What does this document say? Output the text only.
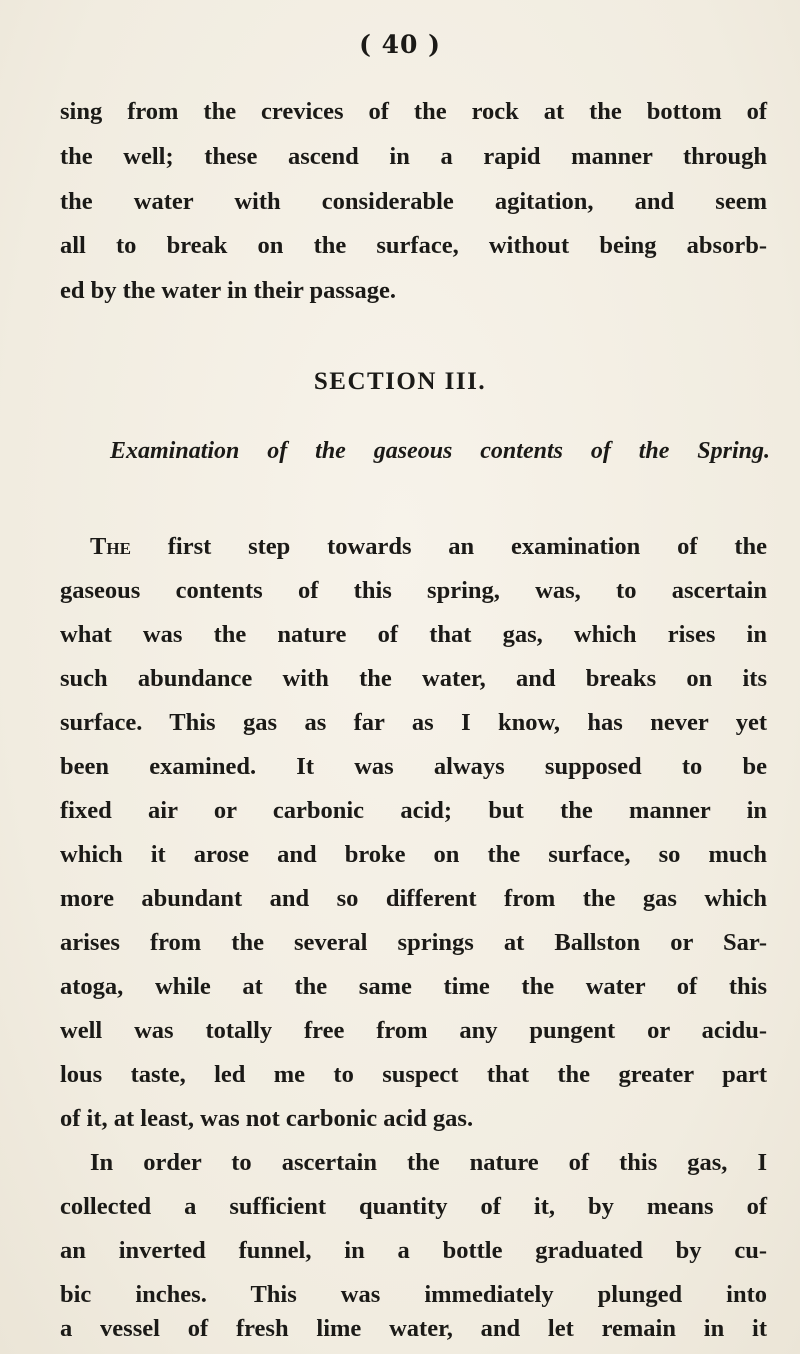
( 40 )
sing from the crevices of the rock at the bottom of
the well; these ascend in a rapid manner through
the water with considerable agitation, and seem
all to break on the surface, without being absorb-
ed by the water in their passage.
SECTION III.
Examination of the gaseous contents of the Spring.
The first step towards an examination of the
gaseous contents of this spring, was, to ascertain
what was the nature of that gas, which rises in
such abundance with the water, and breaks on its
surface. This gas as far as I know, has never yet
been examined. It was always supposed to be
fixed air or carbonic acid; but the manner in
which it arose and broke on the surface, so much
more abundant and so different from the gas which
arises from the several springs at Ballston or Sar-
atoga, while at the same time the water of this
well was totally free from any pungent or acidu-
lous taste, led me to suspect that the greater part
of it, at least, was not carbonic acid gas.
In order to ascertain the nature of this gas, I
collected a sufficient quantity of it, by means of
an inverted funnel, in a bottle graduated by cu-
bic inches. This was immediately plunged into
a vessel of fresh lime water, and let remain in it
